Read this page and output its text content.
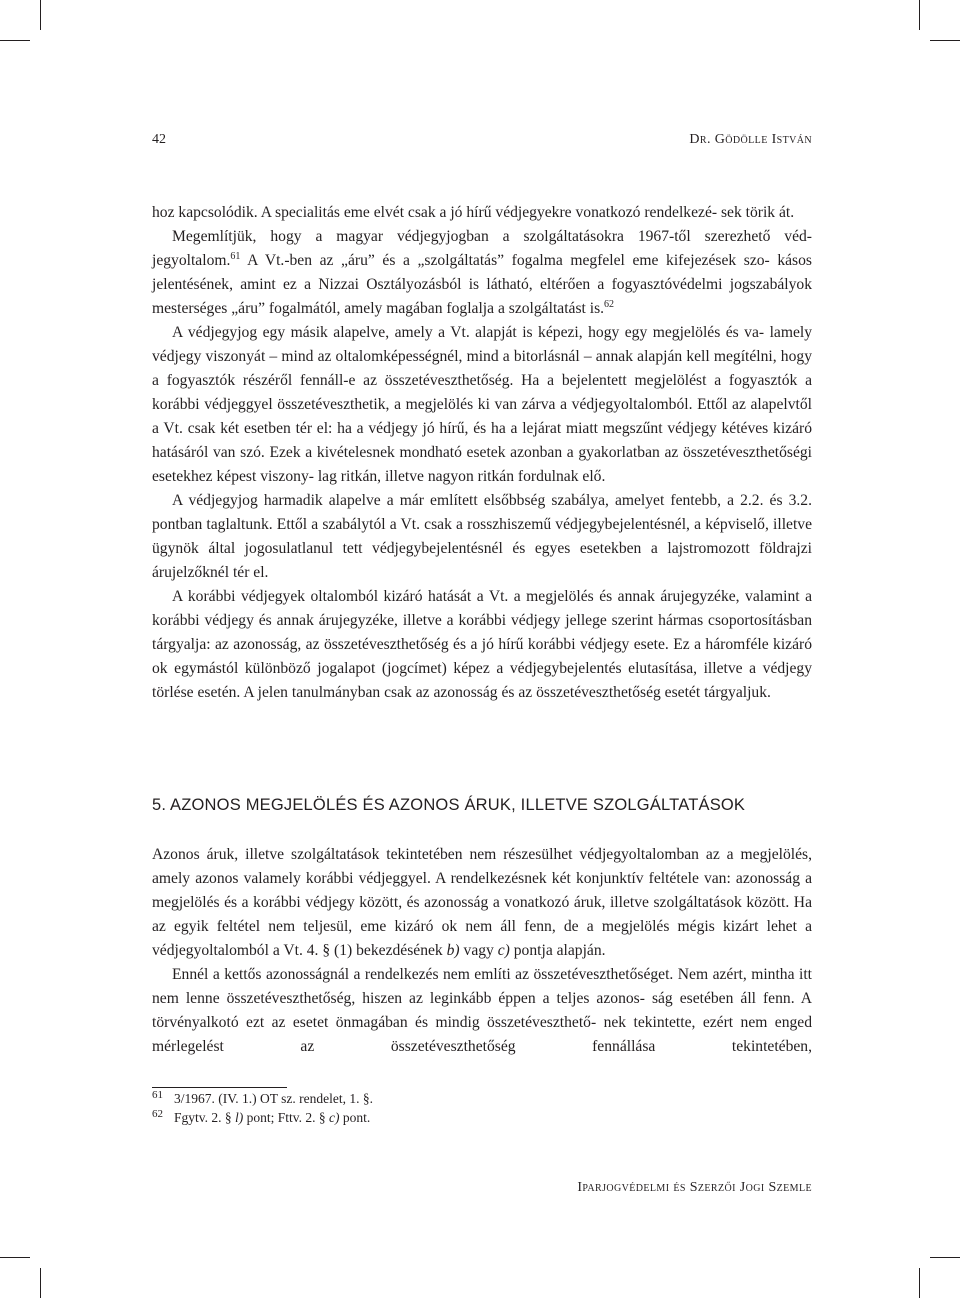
42	Dr. Gödölle István

hoz kapcsolódik. A specialitás eme elvét csak a jó hírű védjegyekre vonatkozó rendelkezé- sek törik át.

Megemlítjük, hogy a magyar védjegyjogban a szolgáltatásokra 1967-től szerezhető véd- jegyoltalom.$^{61}$ A Vt.-ben az „áru” és a „szolgáltatás” fogalma megfelel eme kifejezések szo- kásos jelentésének, amint ez a Nizzai Osztályozásból is látható, eltérően a fogyasztóvédelmi jogszabályok mesterséges „áru” fogalmától, amely magában foglalja a szolgáltatást is.$^{62}$

A védjegyjog egy másik alapelve, amely a Vt. alapját is képezi, hogy egy megjelölés és va- lamely védjegy viszonyát – mind az oltalomképességnél, mind a bitorlásnál – annak alapján kell megítélni, hogy a fogyasztók részéről fennáll-e az összetéveszthetőség. Ha a bejelentett megjelölést a fogyasztók a korábbi védjeggyel összetéveszthetik, a megjelölés ki van zárva a védjegyoltalomból. Ettől az alapelvtől a Vt. csak két esetben tér el: ha a védjegy jó hírű, és ha a lejárat miatt megszűnt védjegy kétéves kizáró hatásáról van szó. Ezek a kivételesnek mondható esetek azonban a gyakorlatban az összetéveszthetőségi esetekhez képest viszony- lag ritkán, illetve nagyon ritkán fordulnak elő.

A védjegyjog harmadik alapelve a már említett elsőbbség szabálya, amelyet fentebb, a 2.2. és 3.2. pontban taglaltunk. Ettől a szabálytól a Vt. csak a rosszhiszemű védjegybejelentésnél, a képviselő, illetve ügynök által jogosulatlanul tett védjegybejelentésnél és egyes esetekben a lajstromozott földrajzi árujelzőknél tér el.

A korábbi védjegyek oltalomból kizáró hatását a Vt. a megjelölés és annak árujegyzéke, valamint a korábbi védjegy és annak árujegyzéke, illetve a korábbi védjegy jellege szerint hármas csoportosításban tárgyalja: az azonosság, az összetéveszthetőség és a jó hírű korábbi védjegy esete. Ez a háromféle kizáró ok egymástól különböző jogalapot (jogcímet) képez a védjegybejelentés elutasítása, illetve a védjegy törlése esetén. A jelen tanulmányban csak az azonosság és az összetéveszthetőség esetét tárgyaljuk.

5. AZONOS MEGJELÖLÉS ÉS AZONOS ÁRUK, ILLETVE SZOLGÁLTATÁSOK

Azonos áruk, illetve szolgáltatások tekintetében nem részesülhet védjegyoltalomban az a megjelölés, amely azonos valamely korábbi védjeggyel. A rendelkezésnek két konjunktív feltétele van: azonosság a megjelölés és a korábbi védjegy között, és azonosság a vonatkozó áruk, illetve szolgáltatások között. Ha az egyik feltétel nem teljesül, eme kizáró ok nem áll fenn, de a megjelölés mégis kizárt lehet a védjegyoltalomból a Vt. 4. § (1) bekezdésének b) vagy c) pontja alapján.

Ennél a kettős azonosságnál a rendelkezés nem említi az összetéveszthetőséget. Nem azért, mintha itt nem lenne összetéveszthetőség, hiszen az leginkább éppen a teljes azonos- ság esetében áll fenn. A törvényalkotó ezt az esetet önmagában és mindig összetéveszthető- nek tekintette, ezért nem enged mérlegelést az összetéveszthetőség fennállása tekintetében,

61 3/1967. (IV. 1.) OT sz. rendelet, 1. §.
62 Fgytv. 2. § l) pont; Fttv. 2. § c) pont.
Iparjogvédelmi és Szerzői Jogi Szemle
